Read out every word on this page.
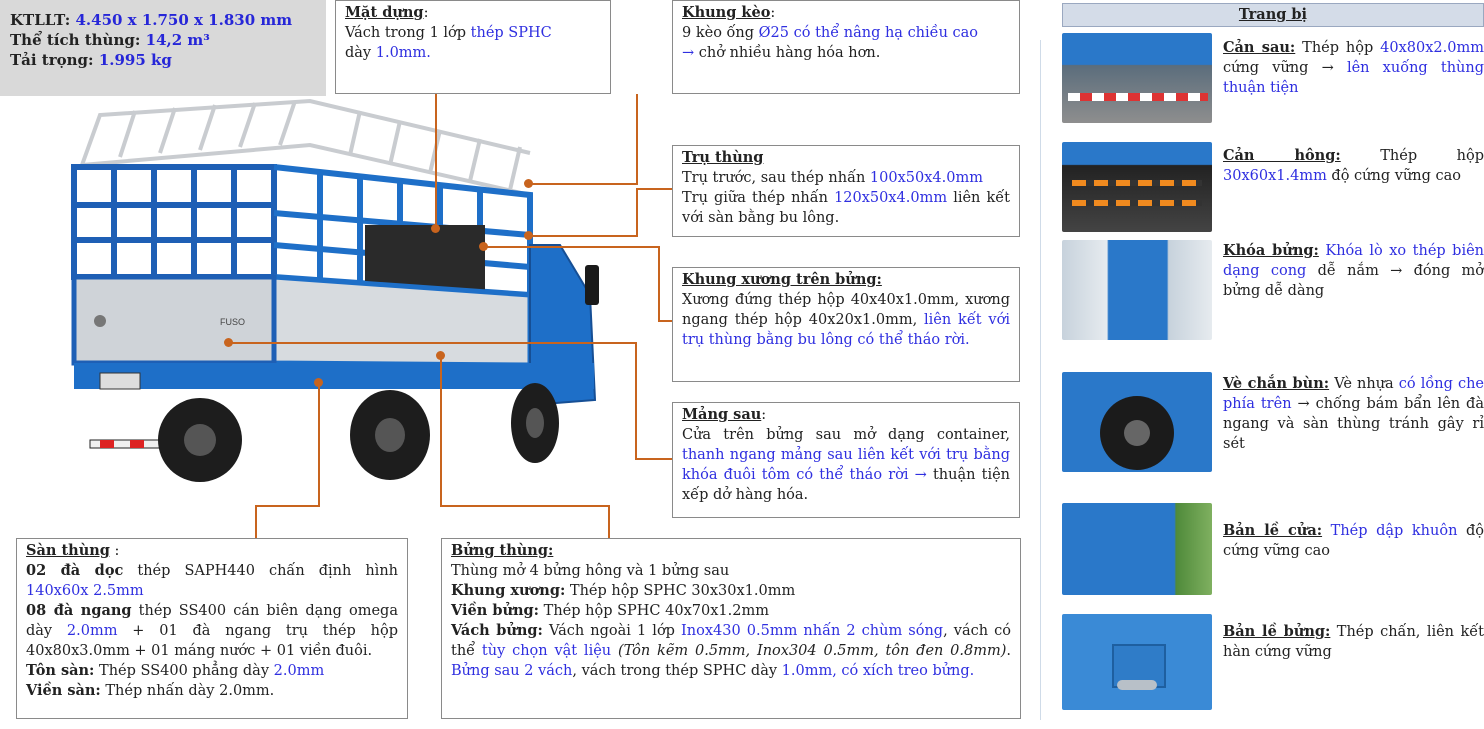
KTLLT: 4.450 x 1.750 x 1.830 mm
Thể tích thùng: 14,2 m³
Tải trọng: 1.995 kg
Mặt dựng:
Vách trong 1 lớp thép SPHC
dày 1.0mm.
Khung kèo:
9 kèo ống Ø25 có thể nâng hạ chiều cao
→ chở nhiều hàng hóa hơn.
Trụ thùng
Trụ trước, sau thép nhấn 100x50x4.0mm
Trụ giữa thép nhấn 120x50x4.0mm liên kết với sàn bằng bu lông.
Khung xương trên bửng:
Xương đứng thép hộp 40x40x1.0mm, xương ngang thép hộp 40x20x1.0mm, liên kết với trụ thùng bằng bu lông có thể tháo rời.
Mảng sau:
Cửa trên bửng sau mở dạng container, thanh ngang mảng sau liên kết với trụ bằng khóa đuôi tôm có thể tháo rời → thuận tiện xếp dở hàng hóa.
Sàn thùng :
02 đà dọc thép SAPH440 chấn định hình 140x60x 2.5mm
08 đà ngang thép SS400 cán biên dạng omega dày 2.0mm + 01 đà ngang trụ thép hộp 40x80x3.0mm + 01 máng nước + 01 viền đuôi.
Tôn sàn: Thép SS400 phẳng dày 2.0mm
Viền sàn: Thép nhấn dày 2.0mm.
Bửng thùng:
Thùng mở 4 bửng hông và 1 bửng sau
Khung xương: Thép hộp SPHC 30x30x1.0mm
Viền bửng: Thép hộp SPHC 40x70x1.2mm
Vách bửng: Vách ngoài 1 lớp Inox430 0.5mm nhấn 2 chùm sóng, vách có thể tùy chọn vật liệu (Tôn kẽm 0.5mm, Inox304 0.5mm, tôn đen 0.8mm). Bửng sau 2 vách, vách trong thép SPHC dày 1.0mm, có xích treo bửng.
FUSO
Trang bị
Cản sau: Thép hộp 40x80x2.0mm cứng vững → lên xuống thùng thuận tiện
Cản hông: Thép hộp 30x60x1.4mm độ cứng vững cao
Khóa bửng: Khóa lò xo thép biên dạng cong dễ nắm → đóng mở bửng dễ dàng
Vè chắn bùn: Vè nhựa có lồng che phía trên → chống bám bẩn lên đà ngang và sàn thùng tránh gây rỉ sét
Bản lề cửa: Thép dập khuôn độ cứng vững cao
Bản lề bửng: Thép chấn, liên kết hàn cứng vững
